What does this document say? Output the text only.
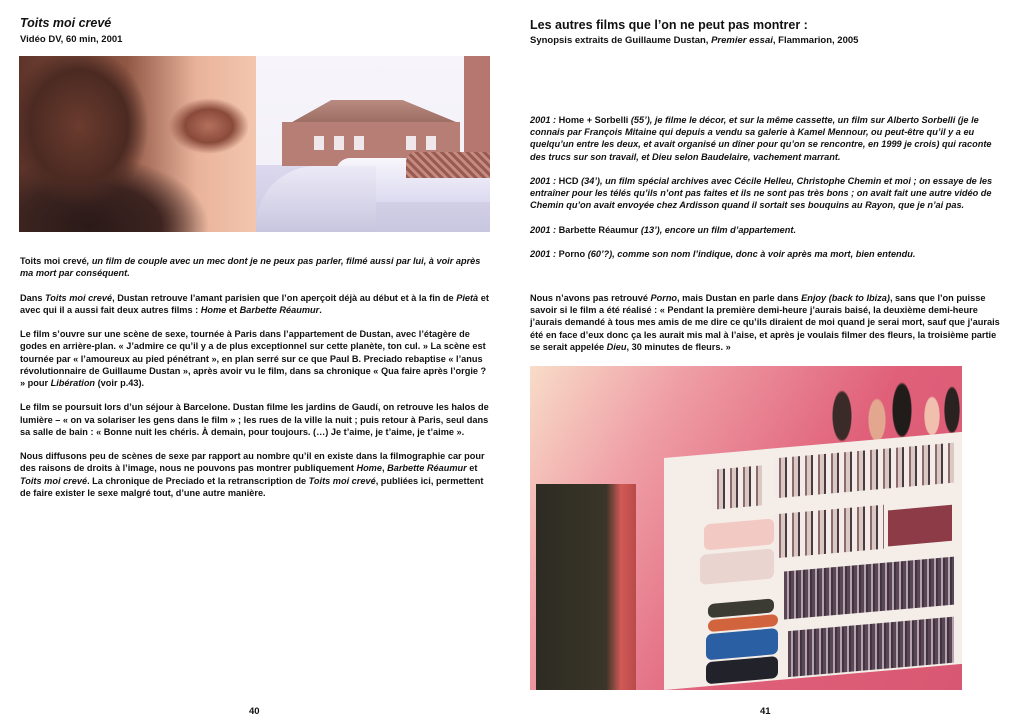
Toits moi crevé
Vidéo DV, 60 min, 2001

Toits moi crevé, un film de couple avec un mec dont je ne peux pas parler, filmé aussi par lui, à voir après ma mort par conséquent.

Dans Toits moi crevé, Dustan retrouve l’amant parisien que l’on aperçoit déjà au début et à la fin de Pietà et avec qui il a aussi fait deux autres films : Home et Barbette Réaumur.

Le film s’ouvre sur une scène de sexe, tournée à Paris dans l’appartement de Dustan, avec l’étagère de godes en arrière-plan. « J’admire ce qu’il y a de plus exceptionnel sur cette planète, ton cul. » La scène est tournée par « l’amoureux au pied pénétrant », en plan serré sur ce que Paul B. Preciado rebaptise « l’anus révolutionnaire de Guillaume Dustan », après avoir vu le film, dans sa chronique « Qua faire après l’orgie ? » pour Libération (voir p.43).

Le film se poursuit lors d’un séjour à Barcelone. Dustan filme les jardins de Gaudí, on retrouve les halos de lumière – « on va solariser les gens dans le film » ; les rues de la ville la nuit ; puis retour à Paris, seul dans sa salle de bain : « Bonne nuit les chéris. À demain, pour toujours. (…) Je t’aime, je t’aime, je t’aime ».

Nous diffusons peu de scènes de sexe par rapport au nombre qu’il en existe dans la filmographie car pour des raisons de droits à l’image, nous ne pouvons pas montrer publiquement Home, Barbette Réaumur et Toits moi crevé. La chronique de Preciado et la retranscription de Toits moi crevé, publiées ici, permettent de faire exister le sexe malgré tout, d’une autre manière.

40
Les autres films que l’on ne peut pas montrer :
Synopsis extraits de Guillaume Dustan, Premier essai, Flammarion, 2005

2001 : Home + Sorbelli (55’), je filme le décor, et sur la même cassette, un film sur Alberto Sorbelli (je le connais par François Mitaine qui depuis a vendu sa galerie à Kamel Mennour, ou peut-être qu’il y a eu quelqu’un entre les deux, et avait organisé un dîner pour qu’on se rencontre, en 1999 je crois) qui raconte des trucs sur son travail, et Dieu selon Baudelaire, vachement marrant.

2001 : HCD (34’), un film spécial archives avec Cécile Helleu, Christophe Chemin et moi ; on essaye de les entraîner pour les télés qu’ils n’ont pas faites et ils ne sont pas très bons ; on avait fait une autre vidéo de Chemin qu’on avait envoyée chez Ardisson quand il sortait ses bouquins au Rayon, que je n’ai pas.

2001 : Barbette Réaumur (13’), encore un film d’appartement.

2001 : Porno (60’?), comme son nom l’indique, donc à voir après ma mort, bien entendu.

Nous n’avons pas retrouvé Porno, mais Dustan en parle dans Enjoy (back to Ibiza), sans que l’on puisse savoir si le film a été réalisé : « Pendant la première demi-heure j’aurais baisé, la deuxième demi-heure j’aurais demandé à tous mes amis de me dire ce qu’ils diraient de moi quand je serai mort, sauf que j’aurais été en face d’eux donc ça les aurait mis mal à l’aise, et après je voulais filmer des fleurs, la troisième partie se serait appelée Dieu, 30 minutes de fleurs. »

41
